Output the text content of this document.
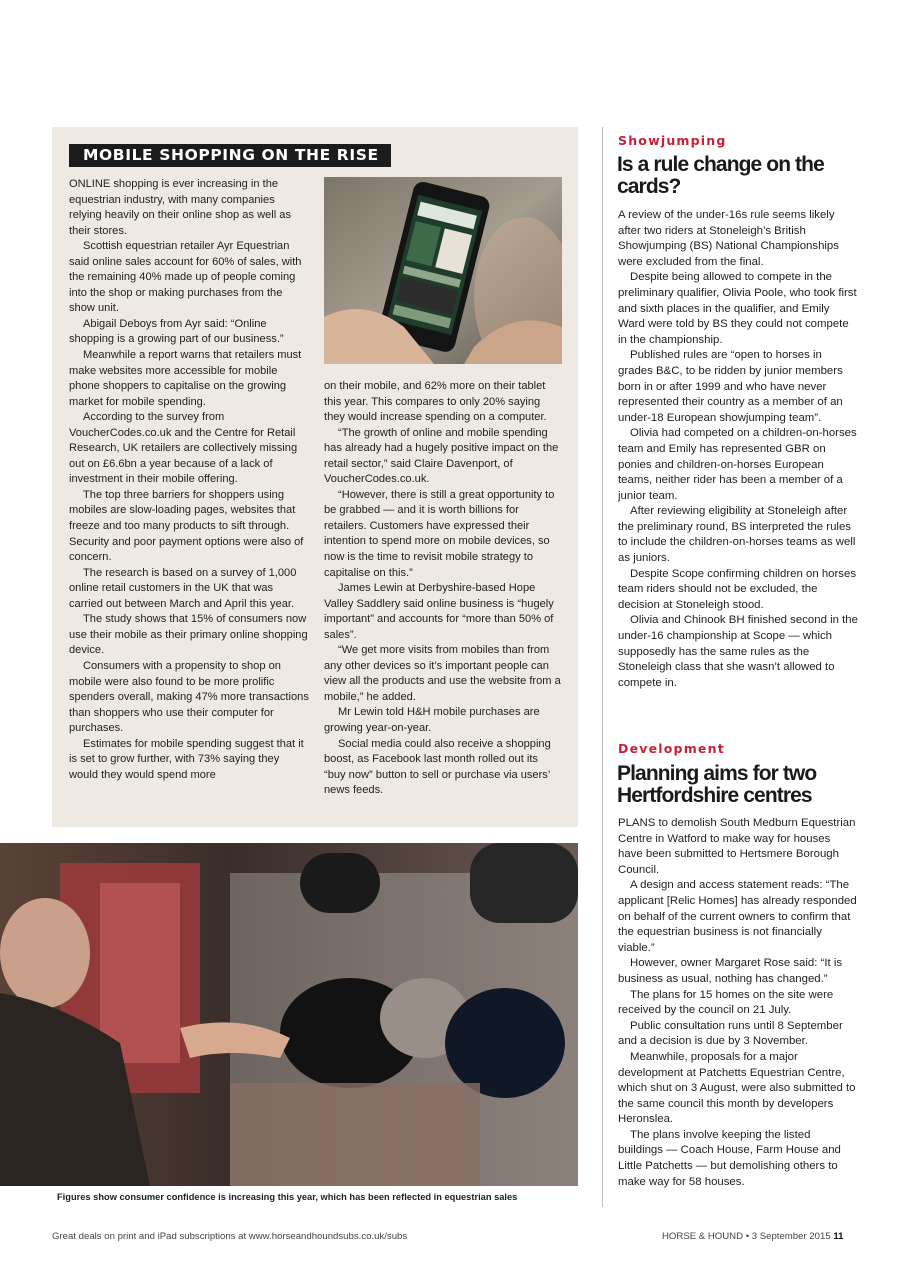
MOBILE SHOPPING ON THE RISE

ONLINE shopping is ever increasing in the equestrian industry, with many companies relying heavily on their online shop as well as their stores.

Scottish equestrian retailer Ayr Equestrian said online sales account for 60% of sales, with the remaining 40% made up of people coming into the shop or making purchases from the show unit.

Abigail Deboys from Ayr said: “Online shopping is a growing part of our business.”

Meanwhile a report warns that retailers must make websites more accessible for mobile phone shoppers to capitalise on the growing market for mobile spending.

According to the survey from VoucherCodes.co.uk and the Centre for Retail Research, UK retailers are collectively missing out on £6.6bn a year because of a lack of investment in their mobile offering.

The top three barriers for shoppers using mobiles are slow-loading pages, websites that freeze and too many products to sift through. Security and poor payment options were also of concern.

The research is based on a survey of 1,000 online retail customers in the UK that was carried out between March and April this year.

The study shows that 15% of consumers now use their mobile as their primary online shopping device.

Consumers with a propensity to shop on mobile were also found to be more prolific spenders overall, making 47% more transactions than shoppers who use their computer for purchases.

Estimates for mobile spending suggest that it is set to grow further, with 73% saying they would they would spend more

on their mobile, and 62% more on their tablet this year. This compares to only 20% saying they would increase spending on a computer.

“The growth of online and mobile spending has already had a hugely positive impact on the retail sector,” said Claire Davenport, of VoucherCodes.co.uk.

“However, there is still a great opportunity to be grabbed — and it is worth billions for retailers. Customers have expressed their intention to spend more on mobile devices, so now is the time to revisit mobile strategy to capitalise on this.”

James Lewin at Derbyshire-based Hope Valley Saddlery said online business is “hugely important” and accounts for “more than 50% of sales”.

“We get more visits from mobiles than from any other devices so it’s important people can view all the products and use the website from a mobile,” he added.

Mr Lewin told H&H mobile purchases are growing year-on-year.

Social media could also receive a shopping boost, as Facebook last month rolled out its “buy now” button to sell or purchase via users’ news feeds.

Figures show consumer confidence is increasing this year, which has been reflected in equestrian sales
Showjumping
Is a rule change on the cards?

A review of the under-16s rule seems likely after two riders at Stoneleigh’s British Showjumping (BS) National Championships were excluded from the final.

Despite being allowed to compete in the preliminary qualifier, Olivia Poole, who took first and sixth places in the qualifier, and Emily Ward were told by BS they could not compete in the championship.

Published rules are “open to horses in grades B&C, to be ridden by junior members born in or after 1999 and who have never represented their country as a member of an under-18 European showjumping team”.

Olivia had competed on a children-on-horses team and Emily has represented GBR on ponies and children-on-horses European teams, neither rider has been a member of a junior team.

After reviewing eligibility at Stoneleigh after the preliminary round, BS interpreted the rules to include the children-on-horses teams as well as juniors.

Despite Scope confirming children on horses team riders should not be excluded, the decision at Stoneleigh stood.

Olivia and Chinook BH finished second in the under-16 championship at Scope — which supposedly has the same rules as the Stoneleigh class that she wasn’t allowed to compete in.

Development
Planning aims for two Hertfordshire centres

PLANS to demolish South Medburn Equestrian Centre in Watford to make way for houses have been submitted to Hertsmere Borough Council.

A design and access statement reads: “The applicant [Relic Homes] has already responded on behalf of the current owners to confirm that the equestrian business is not financially viable.”

However, owner Margaret Rose said: “It is business as usual, nothing has changed.”

The plans for 15 homes on the site were received by the council on 21 July.

Public consultation runs until 8 September and a decision is due by 3 November.

Meanwhile, proposals for a major development at Patchetts Equestrian Centre, which shut on 3 August, were also submitted to the same council this month by developers Heronslea.

The plans involve keeping the listed buildings — Coach House, Farm House and Little Patchetts — but demolishing others to make way for 58 houses.

Great deals on print and iPad subscriptions at www.horseandhoundsubs.co.uk/subs	HORSE & HOUND • 3 September 2015 11
